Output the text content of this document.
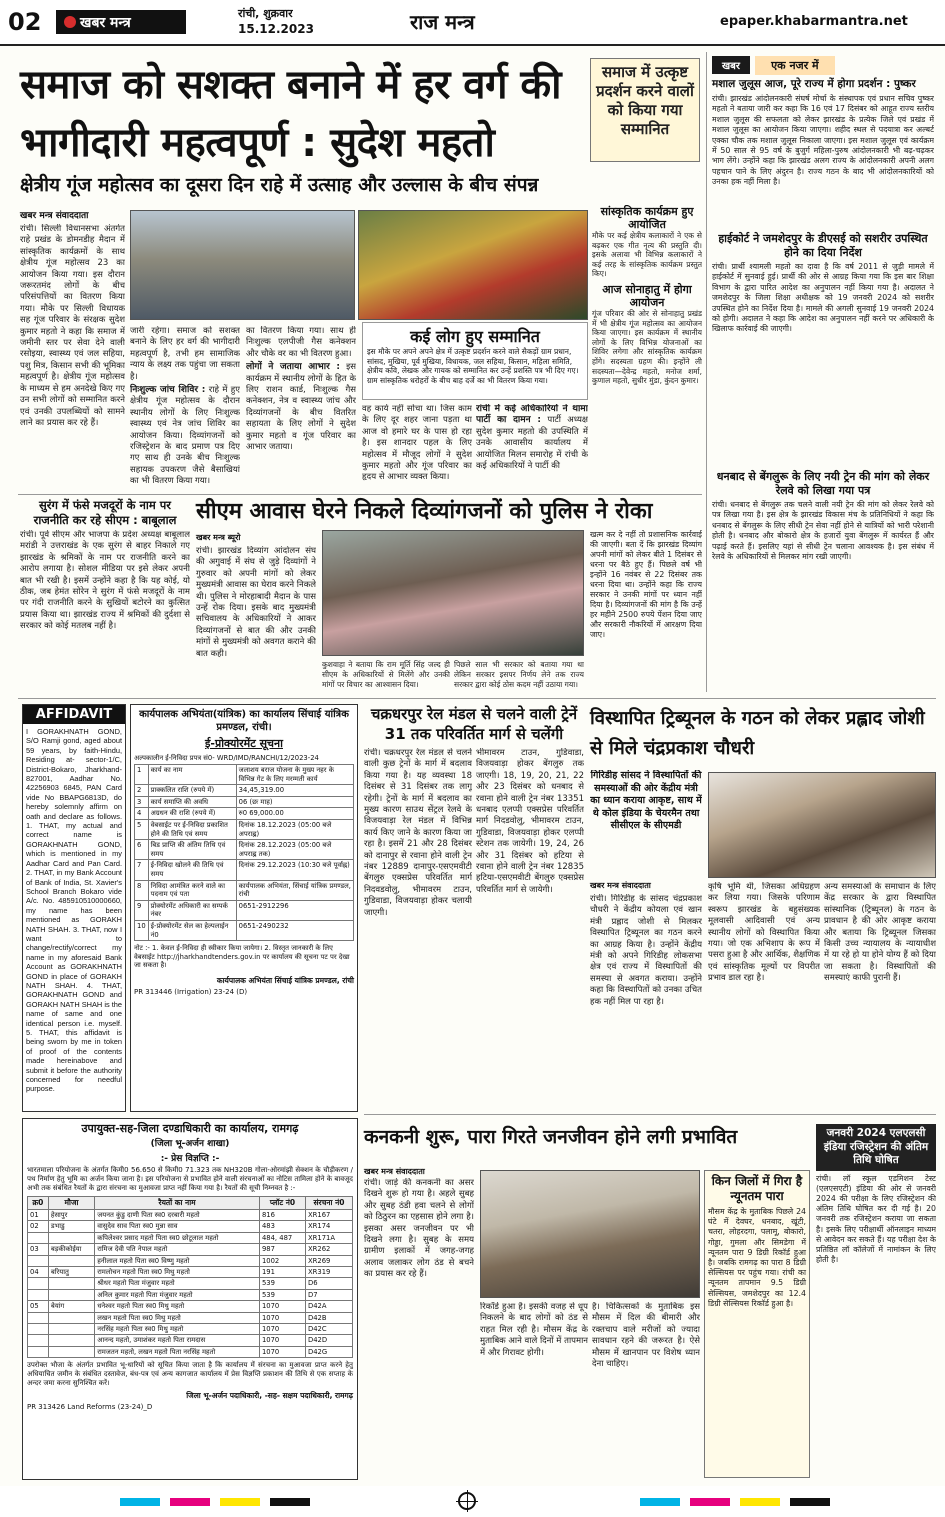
02	खबर मन्त्र
रांची, शुक्रवार
15.12.2023	राज मन्त्र	epaper.khabarmantra.net
समाज को सशक्त बनाने में हर वर्ग की भागीदारी महत्वपूर्ण : सुदेश महतो
समाज में उत्कृष्ट प्रदर्शन करने वालों को किया गया सम्मानित
क्षेत्रीय गूंज महोत्सव का दूसरा दिन राहे में उत्साह और उल्लास के बीच संपन्न
खबर मन्त्र संवाददाता
रांची। सिल्ली विधानसभा अंतर्गत राहे प्रखंड के डोमनडीह मैदान में सांस्कृतिक कार्यक्रमों के साथ क्षेत्रीय गूंज महोत्सव 23 का आयोजन किया गया। इस दौरान जरूरतमंद लोगों के बीच परिसंपत्तियों का वितरण किया गया। मौके पर सिल्ली विधायक सह गूंज परिवार के संरक्षक सुदेश कुमार महतो ने कहा कि समाज में जमीनी स्तर पर सेवा देने वाली रसोइया, स्वास्थ्य एवं जल सहिया, पशु मित्र, किसान सभी की भूमिका महत्वपूर्ण है। क्षेत्रीय गूंज महोत्सव के माध्यम से हम अनदेखे किए गए उन सभी लोगों को सम्मानित करने एवं उनकी उपलब्धियों को सामने लाने का प्रयास कर रहे हैं।

जारी रहेगा। समाज को सशक्त बनाने के लिए हर वर्ग की भागीदारी महत्वपूर्ण है, तभी हम सामाजिक न्याय के लक्ष्य तक पहुंचा जा सकता है।

निःशुल्क जांच शिविर : राहे में हुए क्षेत्रीय गूंज महोत्सव के दौरान स्थानीय लोगों के लिए निःशुल्क स्वास्थ्य एवं नेत्र जांच शिविर का आयोजन किया। दिव्यांगजनों को रजिस्ट्रेशन के बाद प्रमाण पत्र दिए गए साथ ही उनके बीच निःशुल्क सहायक उपकरण जैसे बैसाखियां का भी वितरण किया गया।

का वितरण किया गया। साथ ही निःशुल्क एलपीजी गैस कनेक्शन और चौके वर का भी वितरण हुआ।

लोगों ने जताया आभार : इस कार्यक्रम में स्थानीय लोगों के हित के लिए राशन कार्ड, निःशुल्क गैस कनेक्शन, नेत्र व स्वास्थ्य जांच और दिव्यांगजनों के बीच वितरित सहायता के लिए लोगों ने सुदेश कुमार महतो व गूंज परिवार का आभार जताया।
कई लोग हुए सम्मानित
इस मौके पर अपने अपने क्षेत्र में उत्कृष्ट प्रदर्शन करने वाले सैकड़ों ग्राम प्रधान, सांसद, मुखिया, पूर्व मुखिया, विधायक, जल सहिया, किसान, महिला समिति, क्षेत्रीय कवि, लेखक और गायक को सम्मानित कर उन्हें प्रशस्ति पत्र भी दिए गए। ग्राम सांस्कृतिक धरोहरों के बीच बाह दर्जे का भी वितरण किया गया।

वह कार्य नहीं सोचा था। जिस काम के लिए दूर शहर जाना पड़ता था आज वो हमारे घर के पास हो रहा है। इस शानदार पहल के लिए महोत्सव में मौजूद लोगों ने सुदेश कुमार महतो और गूंज परिवार का हृदय से आभार व्यक्त किया।

रांची में कई अधिकारियों ने थामा पार्टी का दामन : पार्टी अध्यक्ष सुदेश कुमार महतो की उपस्थिति में उनके आवासीय कार्यालय में आयोजित मिलन समारोह में रांची के कई अधिकारियों ने पार्टी की
सांस्कृतिक कार्यक्रम हुए आयोजित
मौके पर कई क्षेत्रीय कलाकारों ने एक से बढ़कर एक गीत नृत्य की प्रस्तुति दी। इसके अलावा भी विभिन्न कलाकारों ने कई तरह के सांस्कृतिक कार्यक्रम प्रस्तुत किए।
आज सोनाहातु में होगा आयोजन
गूंज परिवार की ओर से सोनाहातु प्रखंड में भी क्षेत्रीय गूंज महोत्सव का आयोजन किया जाएगा। इस कार्यक्रम में स्थानीय लोगों के लिए विभिन्न योजनाओं का शिविर लगेगा और सांस्कृतिक कार्यक्रम होंगे। सदस्यता ग्रहण की। इन्होंने ली सदस्यता—देवेन्द्र महतो, मनोज शर्मा, कुणाल महतो, सुधीर मुंडा, कुंदन कुमार।
खबर	एक नजर में
मशाल जुलूस आज, पूरे राज्य में होगा प्रदर्शन : पुष्कर
रांची। झारखंड आंदोलनकारी संघर्ष मोर्चा के संस्थापक एवं प्रधान सचिव पुष्कर महतो ने बताया जारी कर कहा कि 16 एवं 17 दिसंबर को आहूत राज्य स्तरीय मशाल जुलूस की सफलता को लेकर झारखंड के प्रत्येक जिले एवं प्रखंड में मशाल जुलूस का आयोजन किया जाएगा। शहीद स्थल से पदयात्रा कर अल्बर्ट एक्का चौक तक मशाल जुलूस निकाला जाएगा। इस मशाल जुलूस एवं कार्यक्रम में 50 साल से 95 वर्ष के बुजुर्ग महिला-पुरुष आंदोलनकारी भी बढ़-चढ़कर भाग लेंगे। उन्होंने कहा कि झारखंड अलग राज्य के आंदोलनकारी अपनी अलग पहचान पाने के लिए अंदुरन है। राज्य गठन के बाद भी आंदोलनकारियों को उनका हक नहीं मिला है।
हाईकोर्ट ने जमशेदपुर के डीएसई को सशरीर उपस्थित होने का दिया निर्देश
रांची। प्रार्थी श्यामली महतो का दावा है कि वर्ष 2011 से जुड़ी मामले में हाईकोर्ट में सुनवाई हुई। प्रार्थी की ओर से आग्रह किया गया कि इस बार शिक्षा विभाग के द्वारा पारित आदेश का अनुपालन नहीं किया गया है। अदालत ने जमशेदपुर के जिला शिक्षा अधीक्षक को 19 जनवरी 2024 को सशरीर उपस्थित होने का निर्देश दिया है। मामले की अगली सुनवाई 19 जनवरी 2024 को होगी। अदालत ने कहा कि आदेश का अनुपालन नहीं करने पर अधिकारी के खिलाफ कार्रवाई की जाएगी।
धनबाद से बेंगलुरू के लिए नयी ट्रेन की मांग को लेकर रेलवे को लिखा गया पत्र
रांची। धनबाद से बेंगलुरू तक चलने वाली नयी ट्रेन की मांग को लेकर रेलवे को पत्र लिखा गया है। इस क्षेत्र के झारखंड विकास मंच के प्रतिनिधियों ने कहा कि धनबाद से बेंगलुरू के लिए सीधी ट्रेन सेवा नहीं होने से यात्रियों को भारी परेशानी होती है। धनबाद और बोकारो क्षेत्र के हजारों युवा बेंगलुरू में कार्यरत हैं और पढ़ाई करते हैं। इसलिए यहां से सीधी ट्रेन चलाना आवश्यक है। इस संबंध में रेलवे के अधिकारियों से मिलकर मांग रखी जाएगी।
सुरंग में फंसे मजदूरों के नाम पर राजनीति कर रहे सीएम : बाबूलाल
रांची। पूर्व सीएम और भाजपा के प्रदेश अध्यक्ष बाबूलाल मरांडी ने उत्तराखंड के एक सुरंग से बाहर निकाले गए झारखंड के श्रमिकों के नाम पर राजनीति करने का आरोप लगाया है। सोशल मीडिया पर इसे लेकर अपनी बात भी रखी है। इसमें उन्होंने कहा है कि यह कोई, यो ठीक, जब हेमंत सोरेन ने सुरंग में फंसे मजदूरों के नाम पर गंदी राजनीति करने के सुखियों बटोरने का कुत्सित प्रयास किया था। झारखंड राज्य में श्रमिकों की दुर्दशा से सरकार को कोई मतलब नहीं है।
सीएम आवास घेरने निकले दिव्यांगजनों को पुलिस ने रोका
खबर मन्त्र ब्यूरो
रांची। झारखंड दिव्यांग आंदोलन संघ की अगुवाई में संघ से जुड़े दिव्यांगों ने गुरुवार को अपनी मांगों को लेकर मुख्यमंत्री आवास का घेराव करने निकले थी। पुलिस ने मोरहाबादी मैदान के पास उन्हें रोक दिया। इसके बाद मुख्यमंत्री सचिवालय के अधिकारियों ने आकर दिव्यांगजनों से बात की और उनकी मांगों से मुख्यमंत्री को अवगत कराने की बात कही।
कुशवाहा ने बताया कि राम मूर्ति सिंह जल्द ही सीएम के अधिकारियों से मिलेंगे और उनकी मांगों पर विचार का आश्वासन दिया।
पिछले साल भी सरकार को बताया गया था लेकिन सरकार इसपर निर्णय लेने तक राज्य सरकार द्वारा कोई ठोस कदम नहीं उठाया गया।
खत्म कर दे नहीं तो प्रशासनिक कार्रवाई की जाएगी। बता दें कि झारखंड दिव्यांग अपनी मांगों को लेकर बीते 1 दिसंबर से धरना पर बैठे हुए हैं। पिछले वर्ष भी इन्होंने 16 नवंबर से 22 दिसंबर तक धरना दिया था। उन्होंने कहा कि राज्य सरकार ने उनकी मांगों पर ध्यान नहीं दिया है। दिव्यांगजनों की मांग है कि उन्हें हर महीने 2500 रुपये पेंशन दिया जाए और सरकारी नौकरियों में आरक्षण दिया जाए।
AFFIDAVIT
I GORAKHNATH GOND, S/O Ramji gond, aged about 59 years, by faith-Hindu, Residing at- sector-1/C, District-Bokaro, Jharkhand-827001, Aadhar No. 42256903 6845, PAN Card vide No BBAPG6813D, do hereby solemnly affirm on oath and declare as follows. 1. THAT, my actual and correct name is GORAKHNATH GOND, which is mentioned in my Aadhar Card and Pan Card. 2. THAT, in my Bank Account of Bank of India, St. Xavier's School Branch Bokaro vide A/c. No. 485910510000660, my name has been mentioned as GORAKH NATH SHAH. 3. THAT, now I want to change/rectify/correct my name in my aforesaid Bank Account as GORAKHNATH GOND in place of GORAKH NATH SHAH. 4. THAT, GORAKHNATH GOND and GORAKH NATH SHAH is the name of same and one identical person i.e. myself. 5. THAT, this affidavit is being sworn by me in token of proof of the contents made hereinabove and submit it before the authority concerned for needful purpose.
कार्यपालक अभियंता(यांत्रिक) का कार्यालय सिंचाई यांत्रिक प्रमण्डल, रांची।
ई-प्रोक्योरमेंट सूचना
अल्पकालीन ई-निविदा प्रपत्र सं0- WRD/IMD/RANCHI/12/2023-24
1	कार्य का नाम	जलाशय बराज योजना के मुख्य नहर के विभिन्न गेट के लिए मरम्मती कार्य
2	प्राक्कलित राशि (रुपये में)	34,45,319.00
3	कार्य समाप्ति की अवधि	06 (छः माह)
4	अग्रधन की राशि (रुपये में)	रु0 69,000.00
5	वेबसाईट पर ई-निविदा प्रकाशित होने की तिथि एवं समय	दिनांक 18.12.2023 (05:00 बजे अपराह्न)
6	बिड प्राप्ति की अंतिम तिथि एवं समय	दिनांक 28.12.2023 (05:00 बजे अपराह्न तक)
7	ई-निविदा खोलने की तिथि एवं समय	दिनांक 29.12.2023 (10:30 बजे पूर्वाह्न)
8	निविदा आमंत्रित करने वाले का पदनाम एवं पता	कार्यपालक अभियंता, सिंचाई यांत्रिक प्रमण्डल, रांची
9	प्रोक्योरमेंट अधिकारी का सम्पर्क नंबर	0651-2912296
10	ई-प्रोक्योरमेंट सेल का हेल्पलाईन नं0	0651-2490232
नोट :- 1. केवल ई-निविदा ही स्वीकार किया जायेगा। 2. विस्तृत जानकारी के लिए वेबसाईट http://jharkhandtenders.gov.in पर कार्यालय की सूचना पट पर देखा जा सकता है।
कार्यपालक अभियंता सिंचाई यांत्रिक प्रमण्डल, रांची
PR 313446 (Irrigation) 23-24 (D)
चक्रधरपुर रेल मंडल से चलने वाली ट्रेनें 31 तक परिवर्तित मार्ग से चलेंगी
रांची। चक्रधरपुर रेल मंडल से चलने वाली कुछ ट्रेनों के मार्ग में बदलाव किया गया है। यह व्यवस्था 18 दिसंबर से 31 दिसंबर तक लागू रहेगी। ट्रेनों के मार्ग में बदलाव का मुख्य कारण साउथ सेंट्रल रेलवे के विजयवाड़ा रेल मंडल में विभिन्न कार्य किए जाने के कारण किया जा रहा है। इसमें 21 और 28 दिसंबर को दानापुर से रवाना होने वाली ट्रेन नंबर 12889 दानापुर-एसएमवीटी बेंगलुरु एक्सप्रेस परिवर्तित मार्ग निदवडवोलु, भीमावरम टाउन, गुडिवाडा, विजयवाड़ा होकर चलायी जाएगी।
भीमावरम टाउन, गुडिवाडा, विजयवाड़ा होकर बेंगलुरु तक जाएगी। 18, 19, 20, 21, 22 और 23 दिसंबर को धनबाद से रवाना होने वाली ट्रेन नंबर 13351 धनबाद एलप्पी एक्सप्रेस परिवर्तित मार्ग निदडवोलु, भीमावरम टाउन, गुडिवाडा, विजयवाड़ा होकर एलप्पी स्टेशन तक जायेगी। 19, 24, 26 और 31 दिसंबर को हटिया से रवाना होने वाली ट्रेन नंबर 12835 हटिया-एसएमवीटी बेंगलुरु एक्सप्रेस परिवर्तित मार्ग से जायेगी।
विस्थापित ट्रिब्यूनल के गठन को लेकर प्रह्लाद जोशी से मिले चंद्रप्रकाश चौधरी
गिरिडीह सांसद ने विस्थापितों की समस्याओं की ओर केंद्रीय मंत्री का ध्यान कराया आकृष्ट, साथ में थे कोल इंडिया के चेयरमैन तथा सीसीएल के सीएमडी
खबर मन्त्र संवाददाता
रांची। गिरिडीह के सांसद चंद्रप्रकाश चौधरी ने केंद्रीय कोयला एवं खान मंत्री प्रह्लाद जोशी से मिलकर विस्थापित ट्रिब्यूनल का गठन करने का आग्रह किया है। उन्होंने केंद्रीय मंत्री को अपने गिरिडीह लोकसभा क्षेत्र एवं राज्य में विस्थापितों की समस्या से अवगत कराया। उन्होंने कहा कि विस्थापितों को उनका उचित हक नहीं मिल पा रहा है।
कृषि भूमि थी, जिसका अधिग्रहण कर लिया गया। जिसके परिणाम स्वरूप झारखंड के बहुसंख्यक मूलवासी आदिवासी एवं अन्य स्थानीय लोगों को विस्थापित किया गया। जो एक अभिशाप के रूप में पसरा हुआ है और आर्थिक, शैक्षणिक एवं सांस्कृतिक मूल्यों पर विपरीत प्रभाव डाल रहा है।
अन्य समस्याओं के समाधान के लिए केंद्र सरकार के द्वारा विस्थापित सांस्थानिक (ट्रिब्यूनल) के गठन के प्रावधान है की ओर आकृष्ट कराया और बताया कि ट्रिब्यूनल जिसका किसी उच्च न्यायालय के न्यायाधीश में या रहे हो या होने योग्य हैं को दिया जा सकता है। विस्थापितों की समस्याएं काफी पुरानी हैं।
उपायुक्त-सह-जिला दण्डाधिकारी का कार्यालय, रामगढ़
(जिला भू-अर्जन शाखा)
:- प्रेस विज्ञप्ति :-
भारतमाला परियोजना के अंतर्गत किमी0 56.650 से किमी0 71.323 तक NH320B गोला-ओरमांझी सेक्शन के चौड़ीकरण / पथ निर्माण हेतु भूमि का अर्जन किया जाना है। इस परियोजना से प्रभावित होने वाली संरचनाओं का नोटिस तामिला होने के बावजूद अभी तक संबंधित रैयतों के द्वारा संरचना का मुआवजा प्राप्त नहीं किया गया है। रैयतों की सूची निम्नवत है :-
क्र0	मौजा	रैयतों का नाम	प्लॉट नं0	संरचना नं0
01	हेसापुर	जयनत कुंडु दाणी पिता स्व0 दरबारी महतो	816	XR167
02	डभाडु	वासुदेव साव पिता स्व0 मुन्ना साव	483	XR174
		कपिलेश्वर प्रसाद महतो पिता स्व0 छोटूलाल महतो	484, 487	XR171A
03	बड़कीकोईया	रामिज देवी पति नेपाल महतो	987	XR262
		हनीलाल महतो पिता स्व0 विष्णु महतो	1002	XR269
04	बरियातु	रामलोचन महतो पिता स्व0 मिथु महतो	191	XR319
		श्रीधर महतो पिता मंजुवार महतो	539	D6
		अनिल कुमार महतो पिता मंजुवार महतो	539	D7
05	बेयांग	धनेश्वर महतो पिता स्व0 मिथु महतो	1070	D42A
		लखन महतो पिता स्व0 मिथु महतो	1070	D42B
		नरसिंह महतो पिता स्व0 मिथु महतो	1070	D42C
		आनन्द महतो, उमाशंकर महतो पिता रामदास	1070	D42D
		रामजतन महतो, लखन महतो पिता नरसिंह महतो	1070	D42G
उपरोक्त भौजा के अंतर्गत प्रभावित भू-धारियों को सूचित किया जाता है कि कार्यालय में संरचना का मुआवजा प्राप्त करने हेतु अधियाचित जमीन के संबंधित दस्तावेज, बंध-पत्र एवं अन्य कागजात कार्यालय में प्रेस विज्ञप्ति प्रकाशन की तिथि से एक सप्ताह के अन्दर जमा करना सुनिश्चित करें।
जिला भू-अर्जन पदाधिकारी, -सह- सक्षम पदाधिकारी, रामगढ़
PR 313426 Land Reforms (23-24)_D
कनकनी शुरू, पारा गिरते जनजीवन होने लगी प्रभावित
खबर मन्त्र संवाददाता
रांची। जाड़े की कनकनी का असर दिखने शुरू हो गया है। अहले सुबह और सुबह ठंडी हवा चलने से लोगों को ठिठुरन का एहसास होने लगा है। इसका असर जनजीवन पर भी दिखने लगा है। सुबह के समय ग्रामीण इलाकों में जगह-जगह अलाव जलाकर लोग ठंड से बचने का प्रयास कर रहे हैं।
रिकॉर्ड हुआ है। इसकी वजह से धूप निकलने के बाद लोगों को ठंड से राहत मिल रही है। मौसम केंद्र के मुताबिक आने वाले दिनों में तापमान में और गिरावट होगी।
है। चिकित्सकों के मुताबिक इस मौसम में दिल की बीमारी और रक्तचाप वाले मरीजों को ज्यादा सावधान रहने की जरूरत है। ऐसे मौसम में खानपान पर विशेष ध्यान देना चाहिए।
किन जिलों में गिरा है न्यूनतम पारा
मौसम केंद्र के मुताबिक पिछले 24 घंटे में देवघर, धनबाद, खूंटी, चतरा, लोहरदगा, पलामू, बोकारो, गोड्डा, गुमला और सिमडेगा में न्यूनतम पारा 9 डिग्री रिकॉर्ड हुआ है। जबकि रामगढ़ का पारा 8 डिग्री सेल्सियस पर पहुंच गया। रांची का न्यूनतम तापमान 9.5 डिग्री सेल्सियस, जमशेदपुर का 12.4 डिग्री सेल्सियस रिकॉर्ड हुआ है।
जनवरी 2024 एलएलसी इंडिया रजिस्ट्रेशन की अंतिम तिथि घोषित
रांची। लॉ स्कूल एडमिशन टेस्ट (एलएसएटी) इंडिया की ओर से जनवरी 2024 की परीक्षा के लिए रजिस्ट्रेशन की अंतिम तिथि घोषित कर दी गई है। 20 जनवरी तक रजिस्ट्रेशन कराया जा सकता है। इसके लिए परीक्षार्थी ऑनलाइन माध्यम से आवेदन कर सकते हैं। यह परीक्षा देश के प्रतिष्ठित लॉ कॉलेजों में नामांकन के लिए होती है।
